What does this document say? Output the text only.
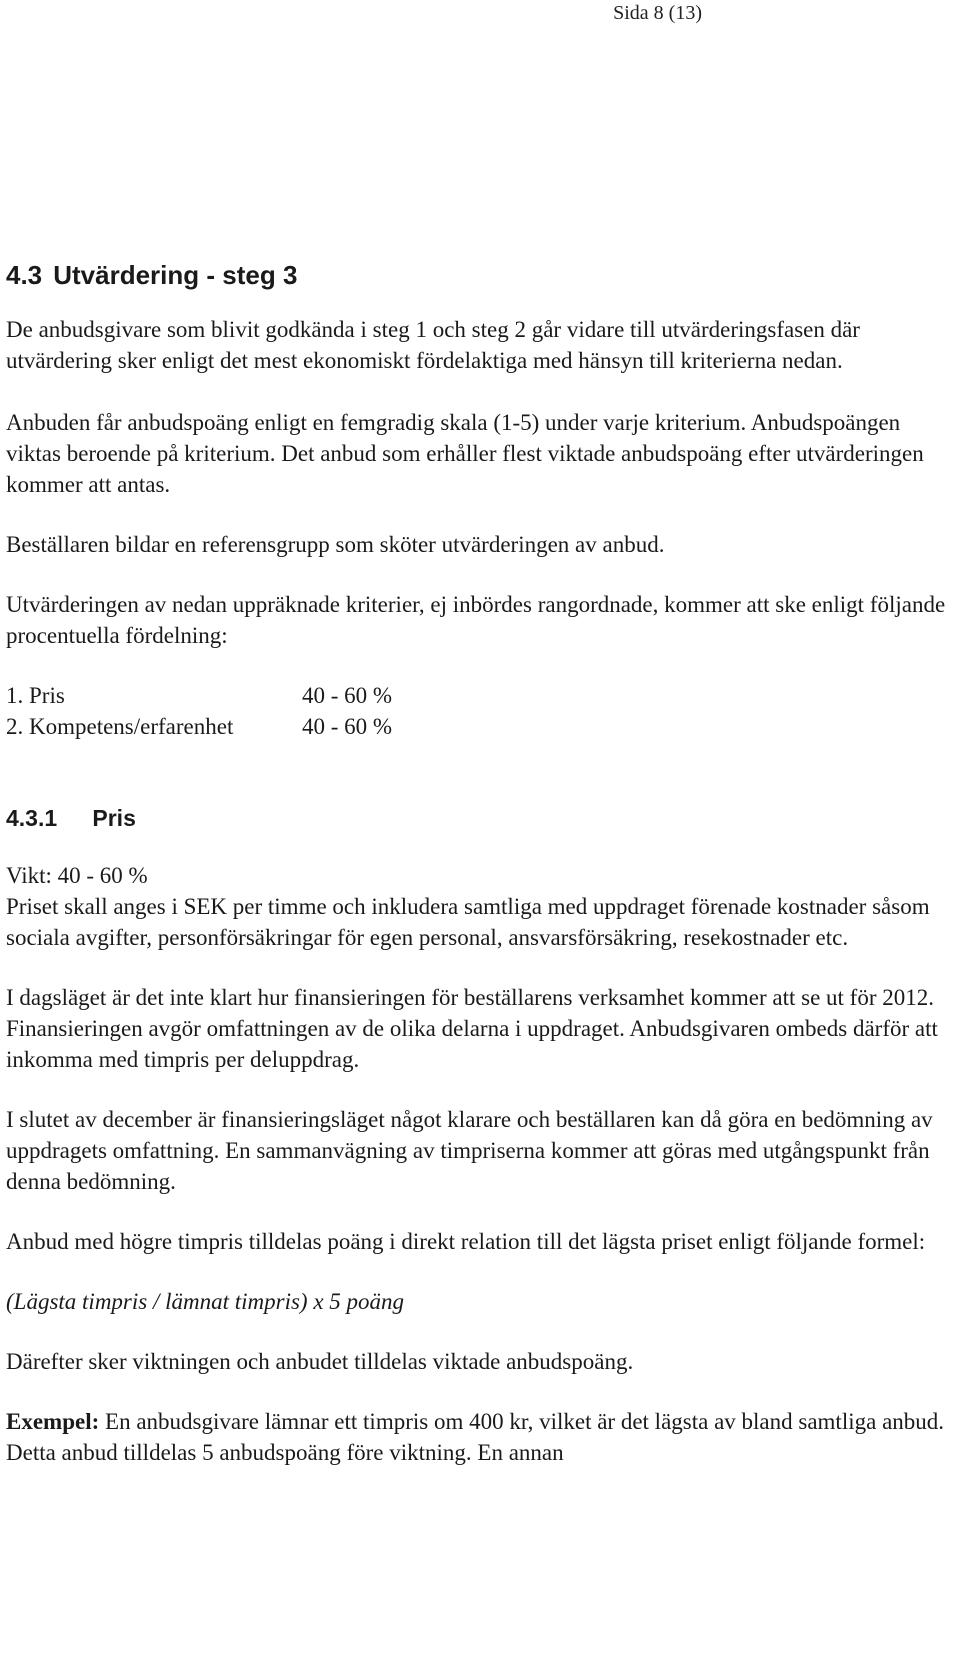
Sida 8 (13)
4.3 Utvärdering - steg 3

De anbudsgivare som blivit godkända i steg 1 och steg 2 går vidare till utvärderingsfasen där utvärdering sker enligt det mest ekonomiskt fördelaktiga med hänsyn till kriterierna nedan.

Anbuden får anbudspoäng enligt en femgradig skala (1-5) under varje kriterium. Anbudspoängen viktas beroende på kriterium. Det anbud som erhåller flest viktade anbudspoäng efter utvärderingen kommer att antas.

Beställaren bildar en referensgrupp som sköter utvärderingen av anbud.

Utvärderingen av nedan uppräknade kriterier, ej inbördes rangordnade, kommer att ske enligt följande procentuella fördelning:

1. Pris	40 - 60 %
2. Kompetens/erfarenhet	40 - 60 %
4.3.1 Pris

Vikt: 40 - 60 %
Priset skall anges i SEK per timme och inkludera samtliga med uppdraget förenade kostnader såsom sociala avgifter, personförsäkringar för egen personal, ansvarsförsäkring, resekostnader etc.

I dagsläget är det inte klart hur finansieringen för beställarens verksamhet kommer att se ut för 2012. Finansieringen avgör omfattningen av de olika delarna i uppdraget. Anbudsgivaren ombeds därför att inkomma med timpris per deluppdrag.

I slutet av december är finansieringsläget något klarare och beställaren kan då göra en bedömning av uppdragets omfattning. En sammanvägning av timpriserna kommer att göras med utgångspunkt från denna bedömning.

Anbud med högre timpris tilldelas poäng i direkt relation till det lägsta priset enligt följande formel:

(Lägsta timpris / lämnat timpris) x 5 poäng

Därefter sker viktningen och anbudet tilldelas viktade anbudspoäng.

Exempel: En anbudsgivare lämnar ett timpris om 400 kr, vilket är det lägsta av bland samtliga anbud. Detta anbud tilldelas 5 anbudspoäng före viktning. En annan
